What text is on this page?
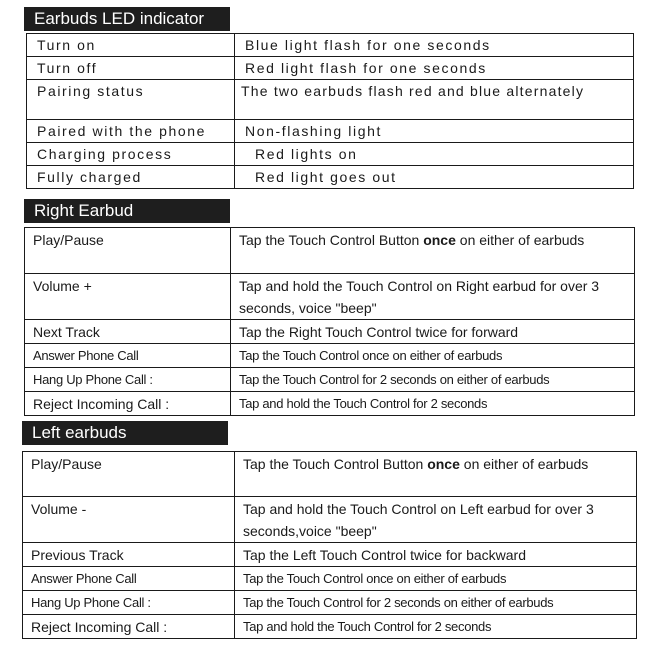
Earbuds LED indicator
Turn on	Blue light flash for one seconds
Turn off	Red light flash for one seconds
Pairing status	The two earbuds flash red and blue alternately
Paired with the phone	Non-flashing light
Charging process	Red lights on
Fully charged	Red light goes out
Right Earbud
Play/Pause	Tap the Touch Control Button once on either of earbuds
Volume +	Tap and hold the Touch Control on Right earbud for over 3 seconds, voice "beep"
Next Track	Tap the Right Touch Control twice for forward
Answer Phone Call	Tap the Touch Control once on either of earbuds
Hang Up Phone Call :	Tap the Touch Control for 2 seconds on either of earbuds
Reject Incoming Call :	Tap and hold the Touch Control for 2 seconds
Left earbuds
Play/Pause	Tap the Touch Control Button once on either of earbuds
Volume -	Tap and hold the Touch Control on Left earbud for over 3 seconds,voice "beep"
Previous Track	Tap the Left Touch Control twice for backward
Answer Phone Call	Tap the Touch Control once on either of earbuds
Hang Up Phone Call :	Tap the Touch Control for 2 seconds on either of earbuds
Reject Incoming Call :	Tap and hold the Touch Control for 2 seconds
